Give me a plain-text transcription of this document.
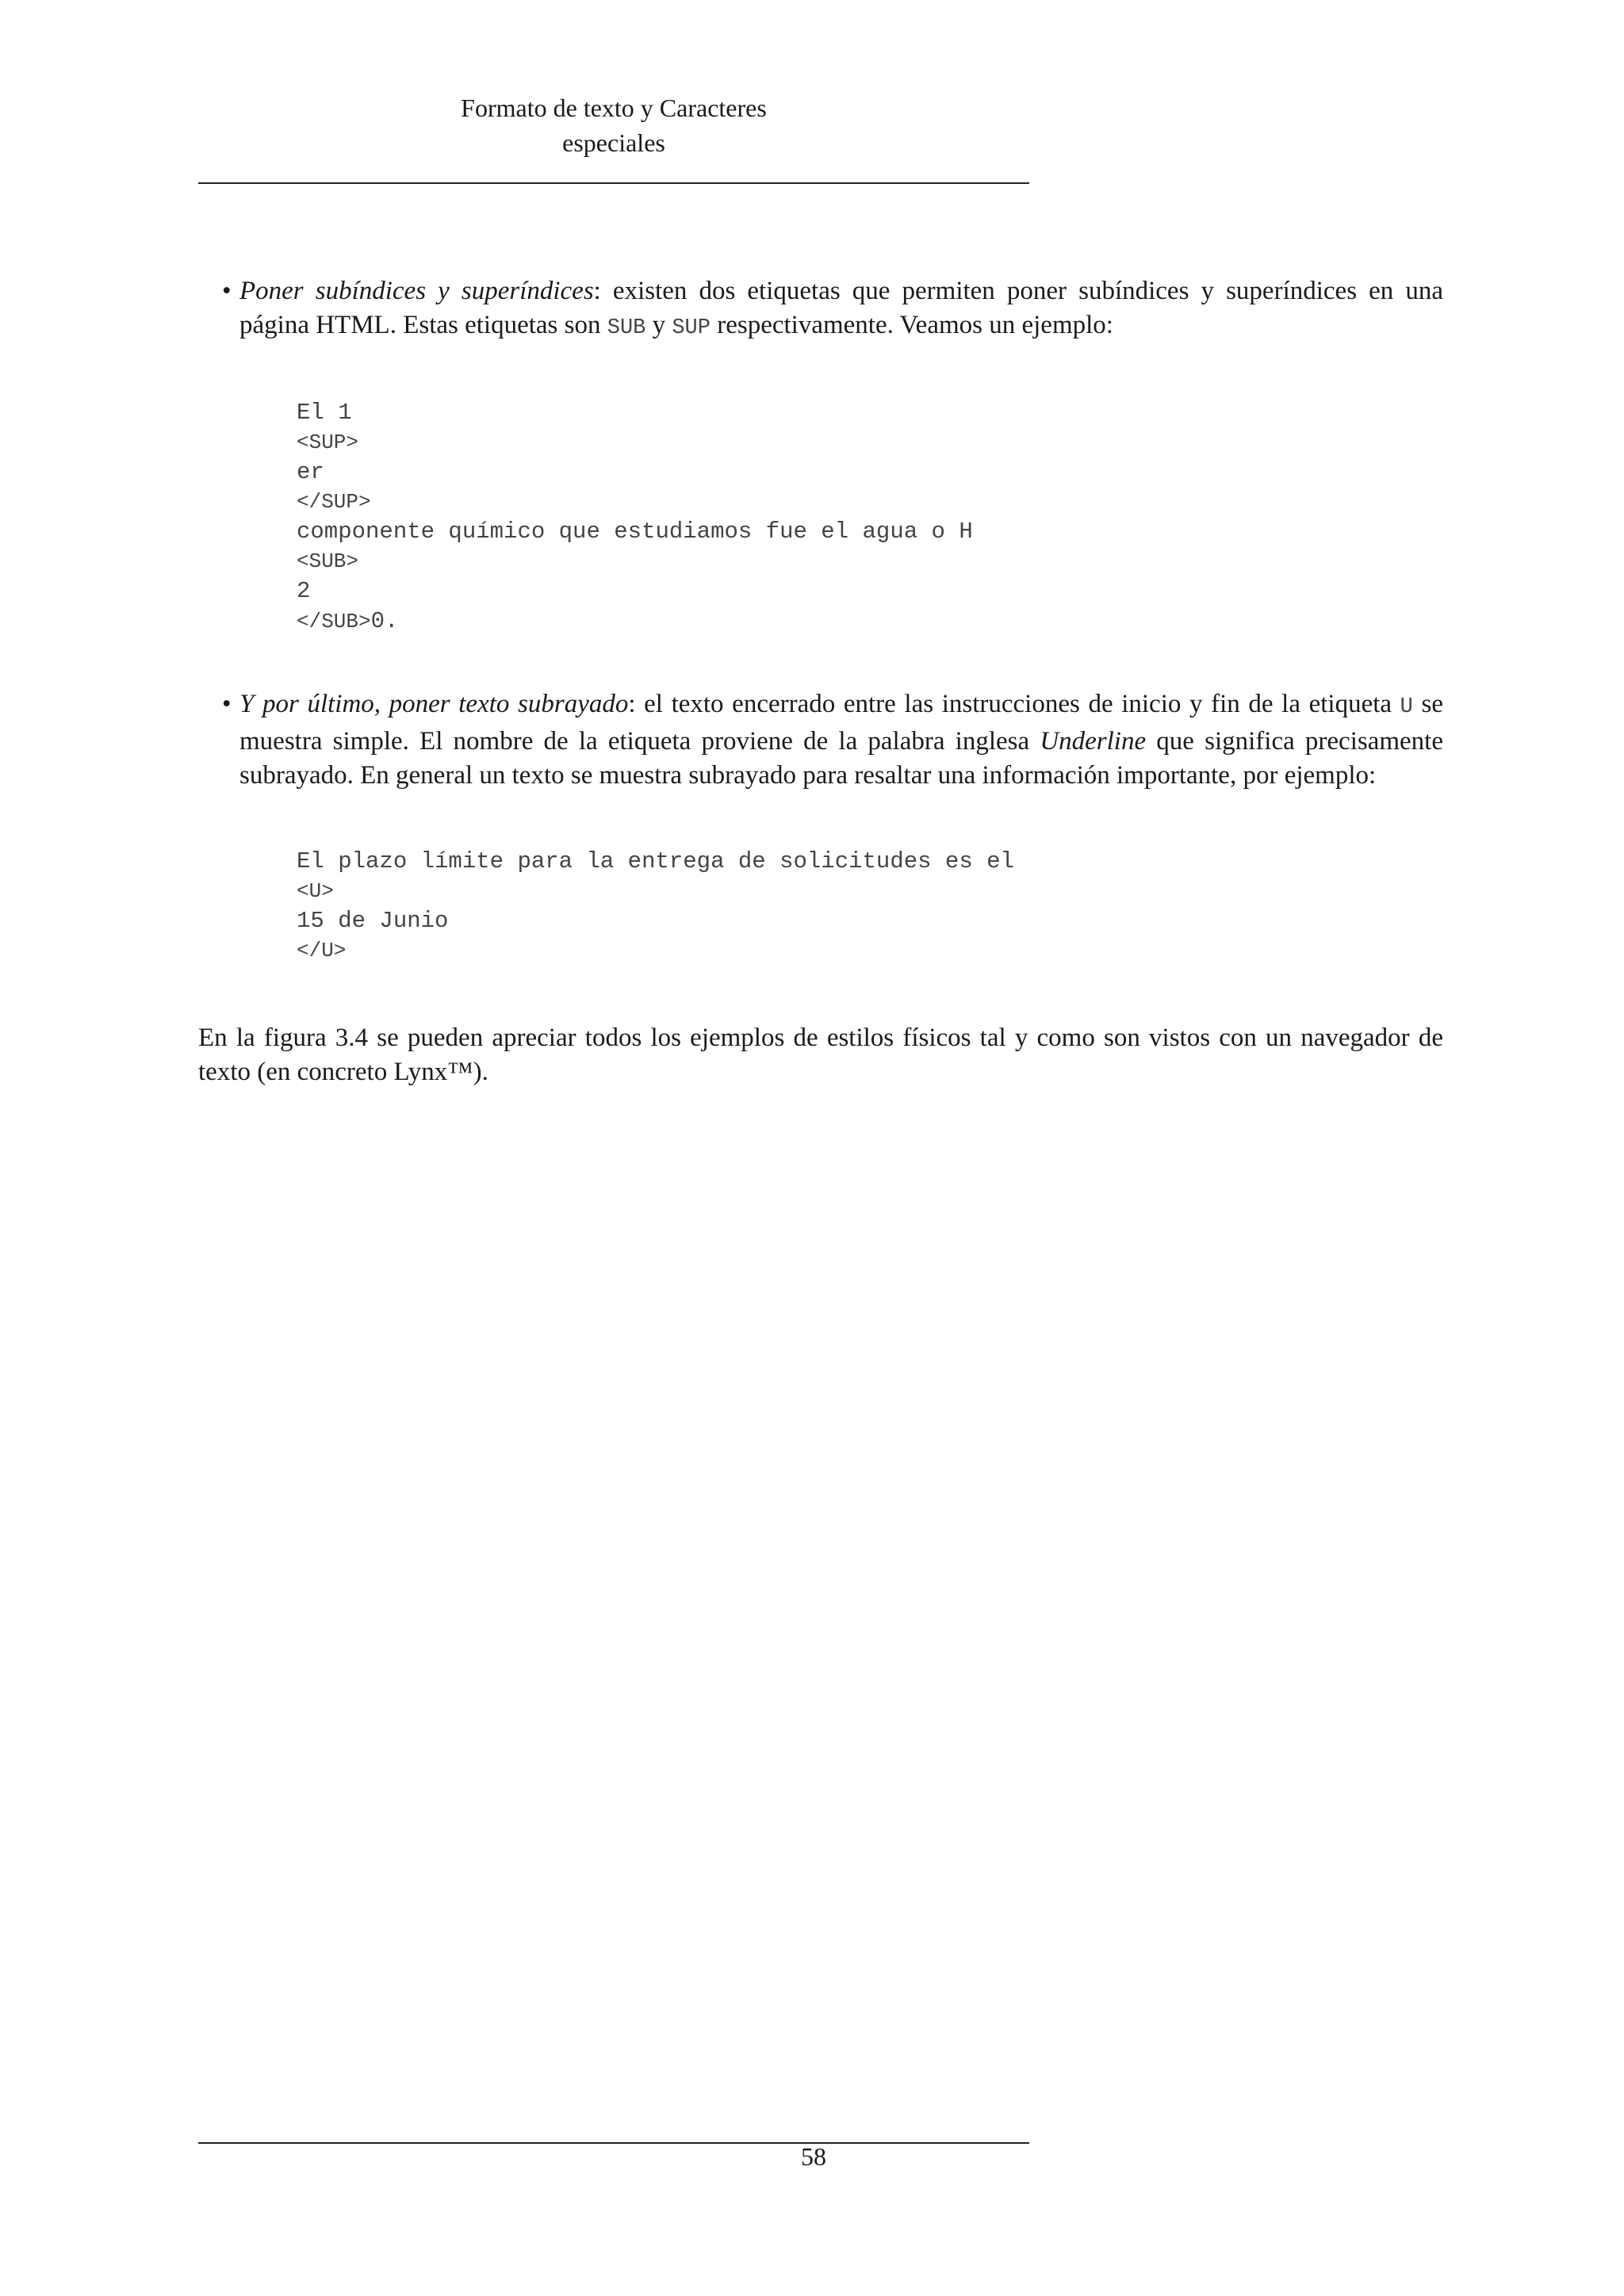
Formato de texto y Caracteres
especiales
• Poner subíndices y superíndices: existen dos etiquetas que permiten poner subíndices y superíndices en una página HTML. Estas etiquetas son SUB y SUP respectivamente. Veamos un ejemplo:
El 1
<SUP>
er
</SUP>
componente químico que estudiamos fue el agua o H
<SUB>
2
</SUB>0.
• Y por último, poner texto subrayado: el texto encerrado entre las instrucciones de inicio y fin de la etiqueta U se muestra simple. El nombre de la etiqueta proviene de la palabra inglesa Underline que significa precisamente subrayado. En general un texto se muestra subrayado para resaltar una información importante, por ejemplo:
El plazo límite para la entrega de solicitudes es el
<U>
15 de Junio
</U>

En la figura 3.4 se pueden apreciar todos los ejemplos de estilos físicos tal y como son vistos con un navegador de texto (en concreto Lynx™).

58
